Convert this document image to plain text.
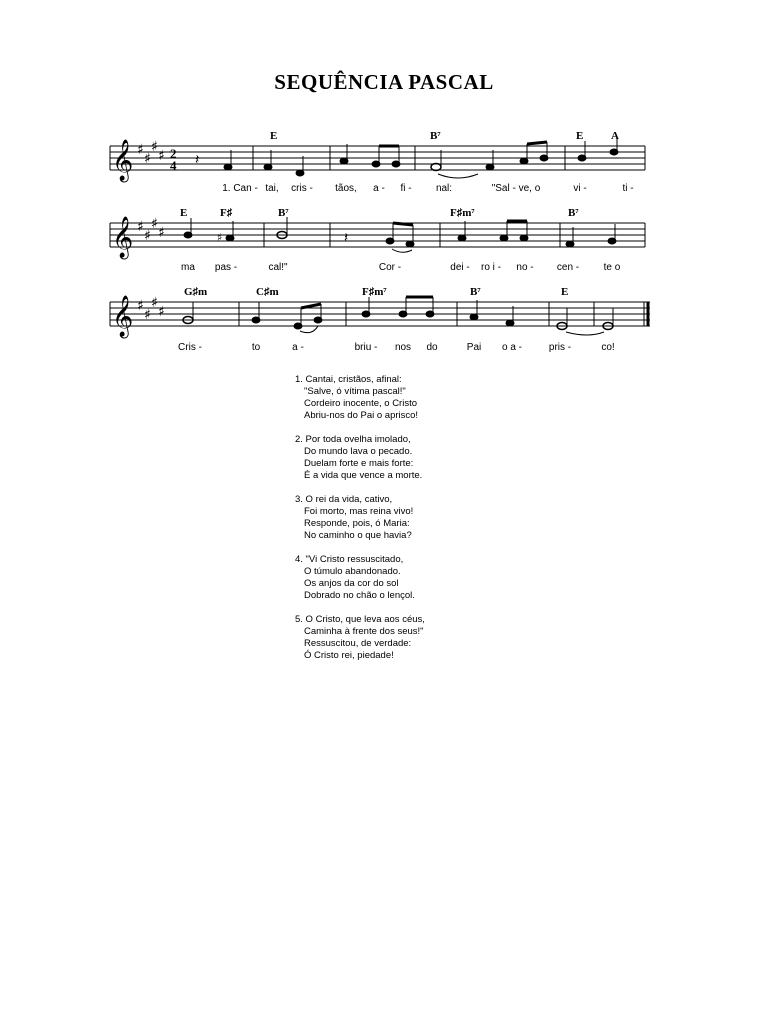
SEQUÊNCIA PASCAL
𝄞 ♯
♯
♯
♯ 2
4 𝄽
E	B⁷	E	A
1. Can - tai, cris - tãos, a - fi - nal:	"Sal - ve, o	vi -	ti -
𝄞 ♯
♯
♯
♯	♯	𝄽
E	F♯	B⁷	F♯m⁷	B⁷
ma pas -	cal!"	Cor -	dei - ro i - no - cen - te o
𝄞 ♯
♯
♯
♯
G♯m	C♯m	F♯m⁷	B⁷	E
Cris -	to	a -	briu - nos do	Pai o a -	pris -	co!
1. Cantai, cristãos, afinal:
"Salve, ó vítima pascal!"
Cordeiro inocente, o Cristo
Abriu-nos do Pai o aprisco!
2. Por toda ovelha imolado,
Do mundo lava o pecado.
Duelam forte e mais forte:
É a vida que vence a morte.
3. O rei da vida, cativo,
Foi morto, mas reina vivo!
Responde, pois, ó Maria:
No caminho o que havia?
4. "Vi Cristo ressuscitado,
O túmulo abandonado.
Os anjos da cor do sol
Dobrado no chão o lençol.
5. O Cristo, que leva aos céus,
Caminha à frente dos seus!"
Ressuscitou, de verdade:
Ó Cristo rei, piedade!
